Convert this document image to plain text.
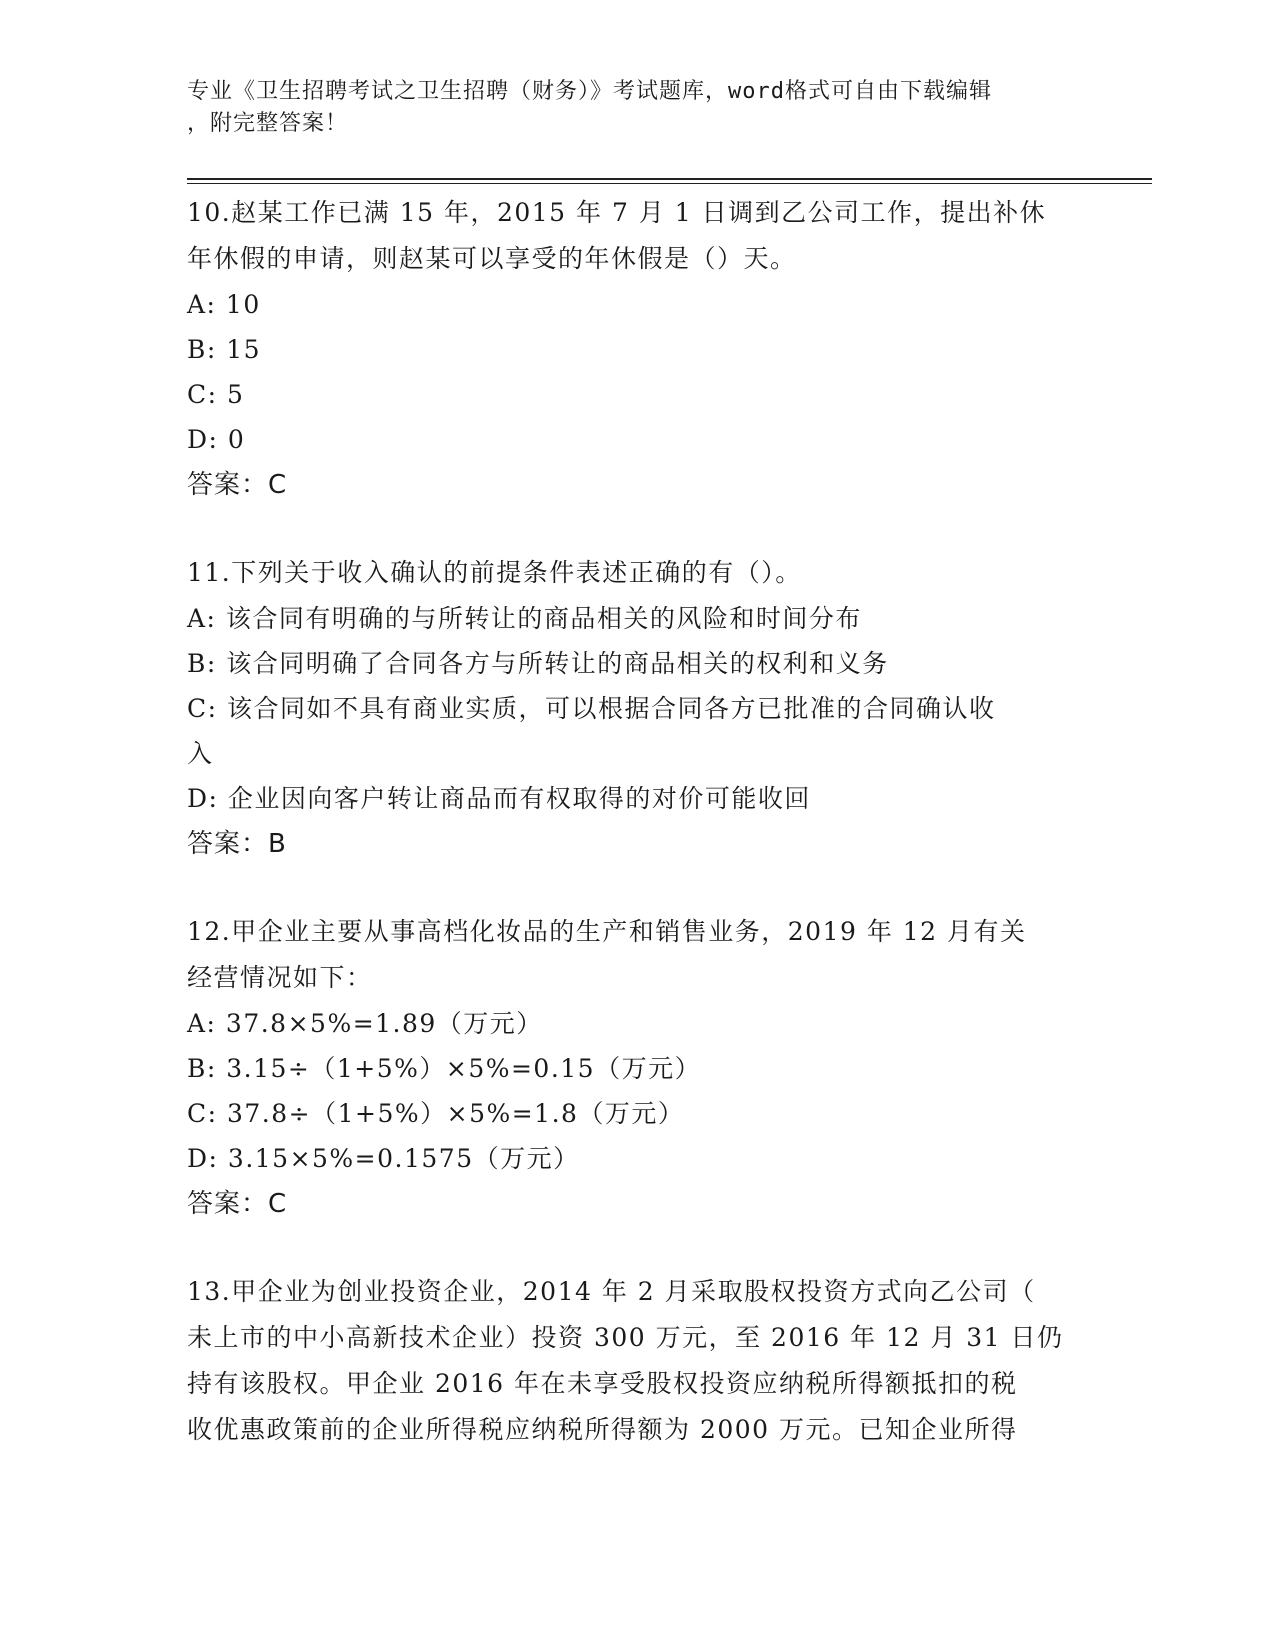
专业《卫生招聘考试之卫生招聘（财务）》考试题库，word格式可自由下载编辑
，附完整答案！
10.赵某工作已满 15 年，2015 年 7 月 1 日调到乙公司工作，提出补休
年休假的申请，则赵某可以享受的年休假是（）天。
A: 10
B: 15
C: 5
D: 0
答案：C
11.下列关于收入确认的前提条件表述正确的有（）。
A: 该合同有明确的与所转让的商品相关的风险和时间分布
B: 该合同明确了合同各方与所转让的商品相关的权利和义务
C: 该合同如不具有商业实质，可以根据合同各方已批准的合同确认收
入
D: 企业因向客户转让商品而有权取得的对价可能收回
答案：B
12.甲企业主要从事高档化妆品的生产和销售业务，2019 年 12 月有关
经营情况如下：
A: 37.8×5%=1.89（万元）
B: 3.15÷（1+5%）×5%=0.15（万元）
C: 37.8÷（1+5%）×5%=1.8（万元）
D: 3.15×5%=0.1575（万元）
答案：C
13.甲企业为创业投资企业，2014 年 2 月采取股权投资方式向乙公司（
未上市的中小高新技术企业）投资 300 万元，至 2016 年 12 月 31 日仍
持有该股权。甲企业 2016 年在未享受股权投资应纳税所得额抵扣的税
收优惠政策前的企业所得税应纳税所得额为 2000 万元。已知企业所得
